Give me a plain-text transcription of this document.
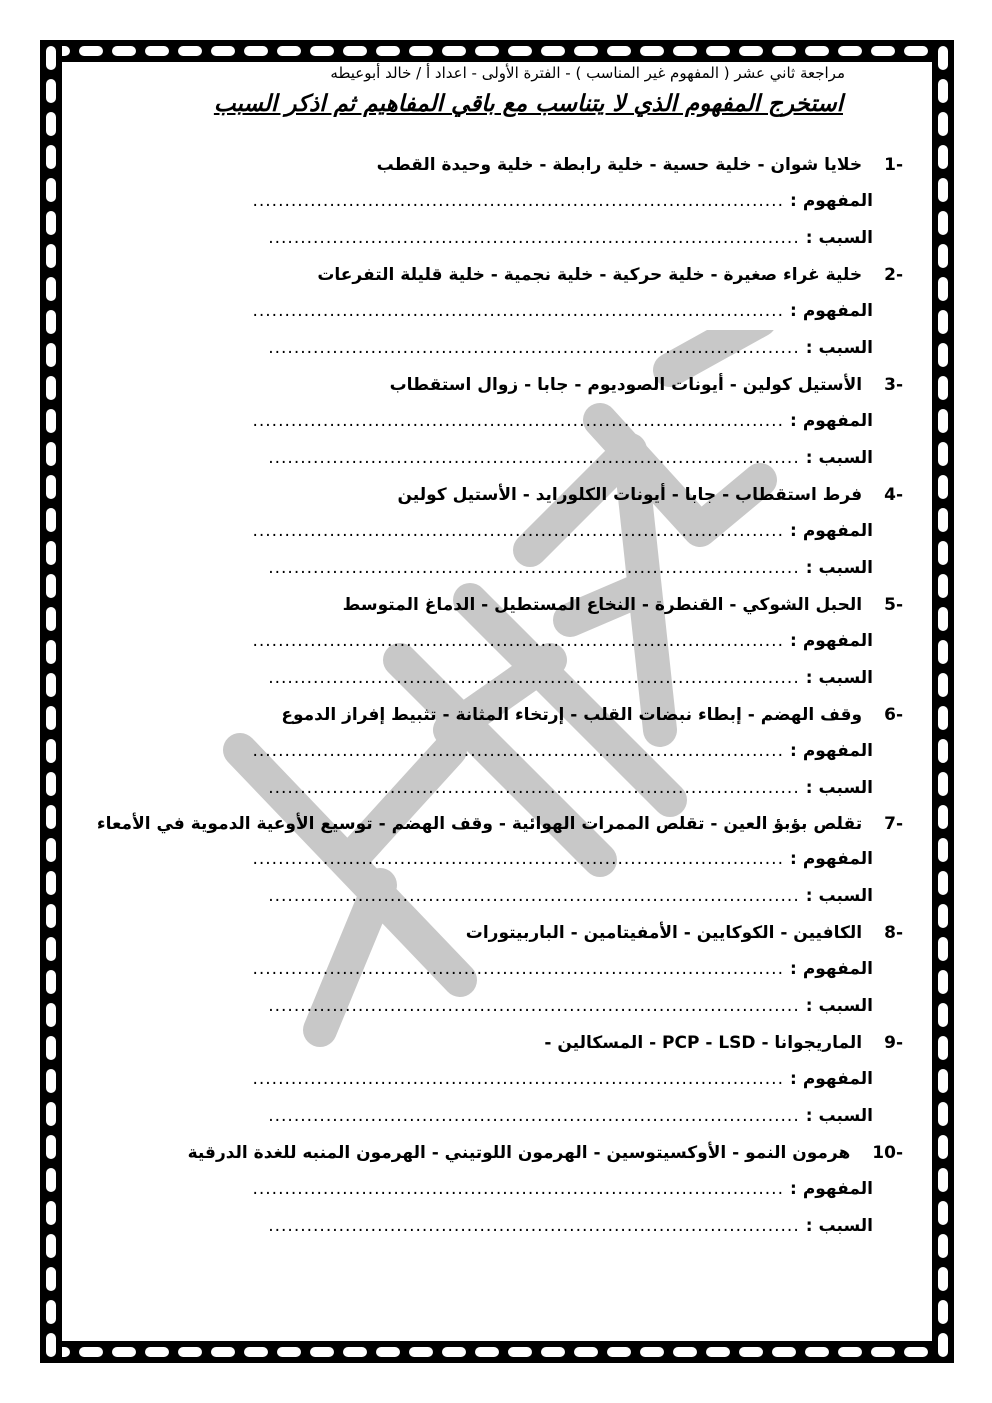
مراجعة ثاني عشر ( المفهوم غير المناسب ) - الفترة الأولى - اعداد أ / خالد أبوعيطه
استخرج المفهوم الذي لا يتناسب مع باقي المفاهيم ثم اذكر السبب
-1خلايا شوان - خلية حسية - خلية رابطة - خلية وحيدة القطب
المفهوم:...................................................................................
السبب:...................................................................................
-2خلية غراء صغيرة - خلية حركية - خلية نجمية - خلية قليلة التفرعات
المفهوم:...................................................................................
السبب:...................................................................................
-3الأستيل كولين - أيونات الصوديوم - جابا - زوال استقطاب
المفهوم:...................................................................................
السبب:...................................................................................
-4فرط استقطاب - جابا - أيونات الكلورايد - الأستيل كولين
المفهوم:...................................................................................
السبب:...................................................................................
-5الحبل الشوكي - القنطرة - النخاع المستطيل - الدماغ المتوسط
المفهوم:...................................................................................
السبب:...................................................................................
-6وقف الهضم - إبطاء نبضات القلب - إرتخاء المثانة - تثبيط إفراز الدموع
المفهوم:...................................................................................
السبب:...................................................................................
-7تقلص بؤبؤ العين - تقلص الممرات الهوائية - وقف الهضم - توسيع الأوعية الدموية في الأمعاء
المفهوم:...................................................................................
السبب:...................................................................................
-8الكافيين - الكوكايين - الأمفيتامين - الباربيتورات
المفهوم:...................................................................................
السبب:...................................................................................
-9الماريجوانا - PCP - LSD - المسكالين -
المفهوم:...................................................................................
السبب:...................................................................................
-10هرمون النمو - الأوكسيتوسين - الهرمون اللوتيني - الهرمون المنبه للغدة الدرقية
المفهوم:...................................................................................
السبب:...................................................................................
